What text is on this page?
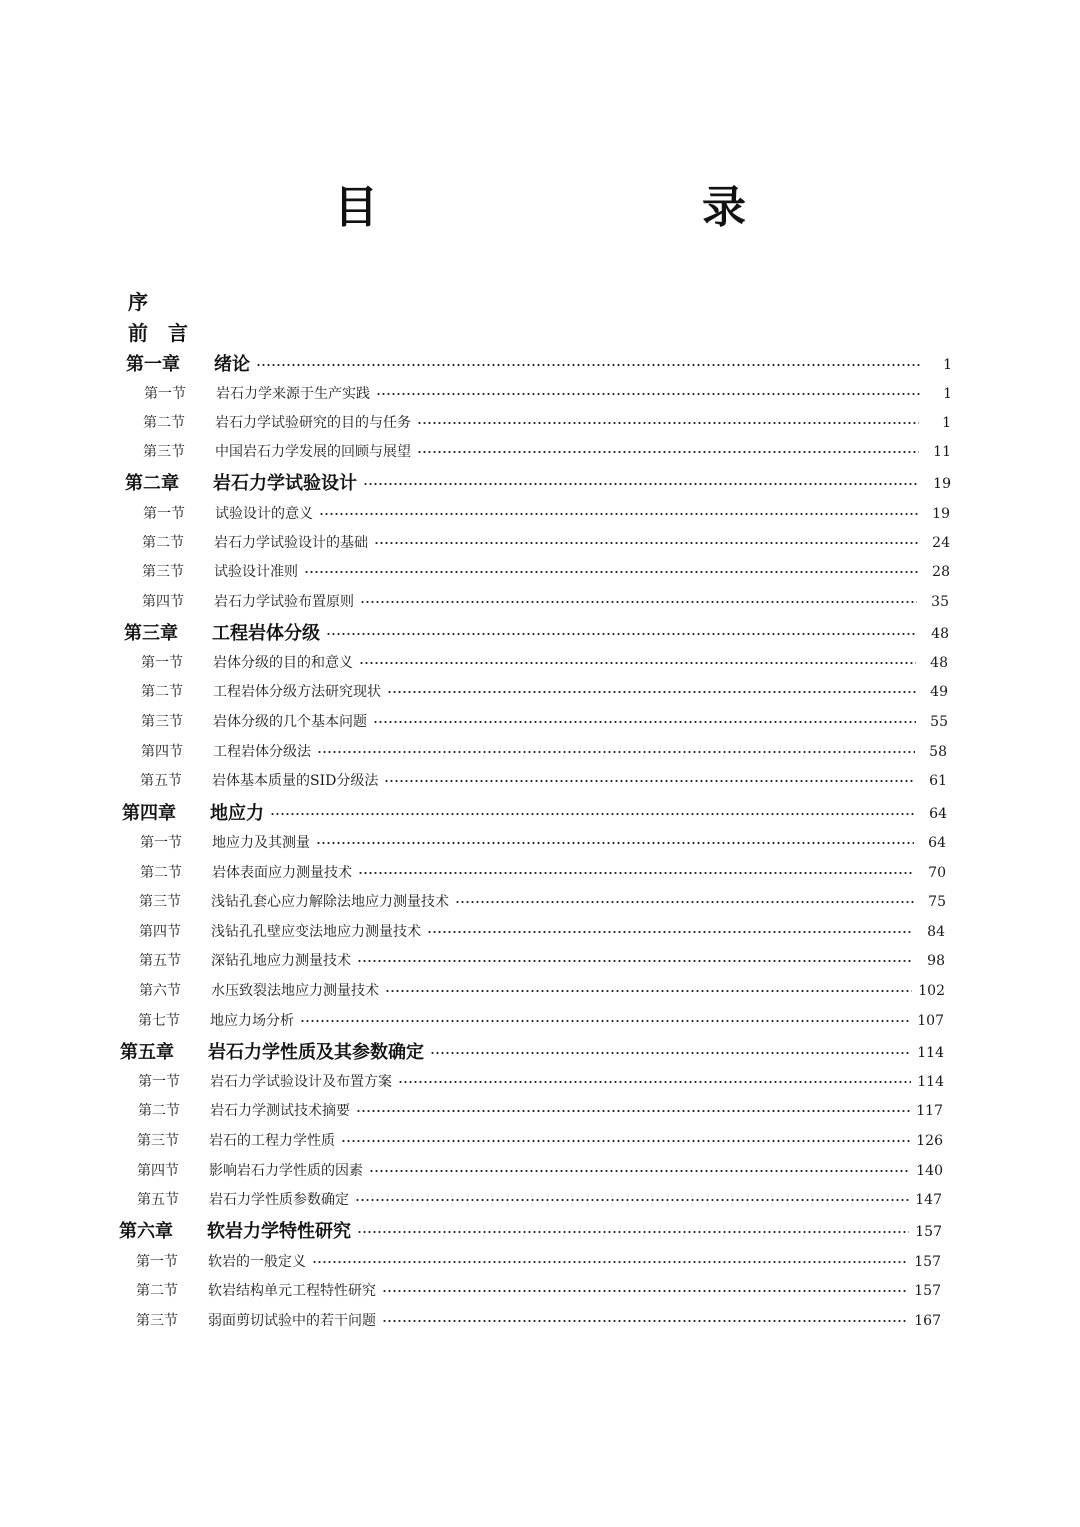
目　录
序
前　言
第一章	绪论	1
第一节	岩石力学来源于生产实践	1
第二节	岩石力学试验研究的目的与任务	1
第三节	中国岩石力学发展的回顾与展望	11
第二章	岩石力学试验设计	19
第一节	试验设计的意义	19
第二节	岩石力学试验设计的基础	24
第三节	试验设计准则	28
第四节	岩石力学试验布置原则	35
第三章	工程岩体分级	48
第一节	岩体分级的目的和意义	48
第二节	工程岩体分级方法研究现状	49
第三节	岩体分级的几个基本问题	55
第四节	工程岩体分级法	58
第五节	岩体基本质量的SID分级法	61
第四章	地应力	64
第一节	地应力及其测量	64
第二节	岩体表面应力测量技术	70
第三节	浅钻孔套心应力解除法地应力测量技术	75
第四节	浅钻孔孔壁应变法地应力测量技术	84
第五节	深钻孔地应力测量技术	98
第六节	水压致裂法地应力测量技术	102
第七节	地应力场分析	107
第五章	岩石力学性质及其参数确定	114
第一节	岩石力学试验设计及布置方案	114
第二节	岩石力学测试技术摘要	117
第三节	岩石的工程力学性质	126
第四节	影响岩石力学性质的因素	140
第五节	岩石力学性质参数确定	147
第六章	软岩力学特性研究	157
第一节	软岩的一般定义	157
第二节	软岩结构单元工程特性研究	157
第三节	弱面剪切试验中的若干问题	167
